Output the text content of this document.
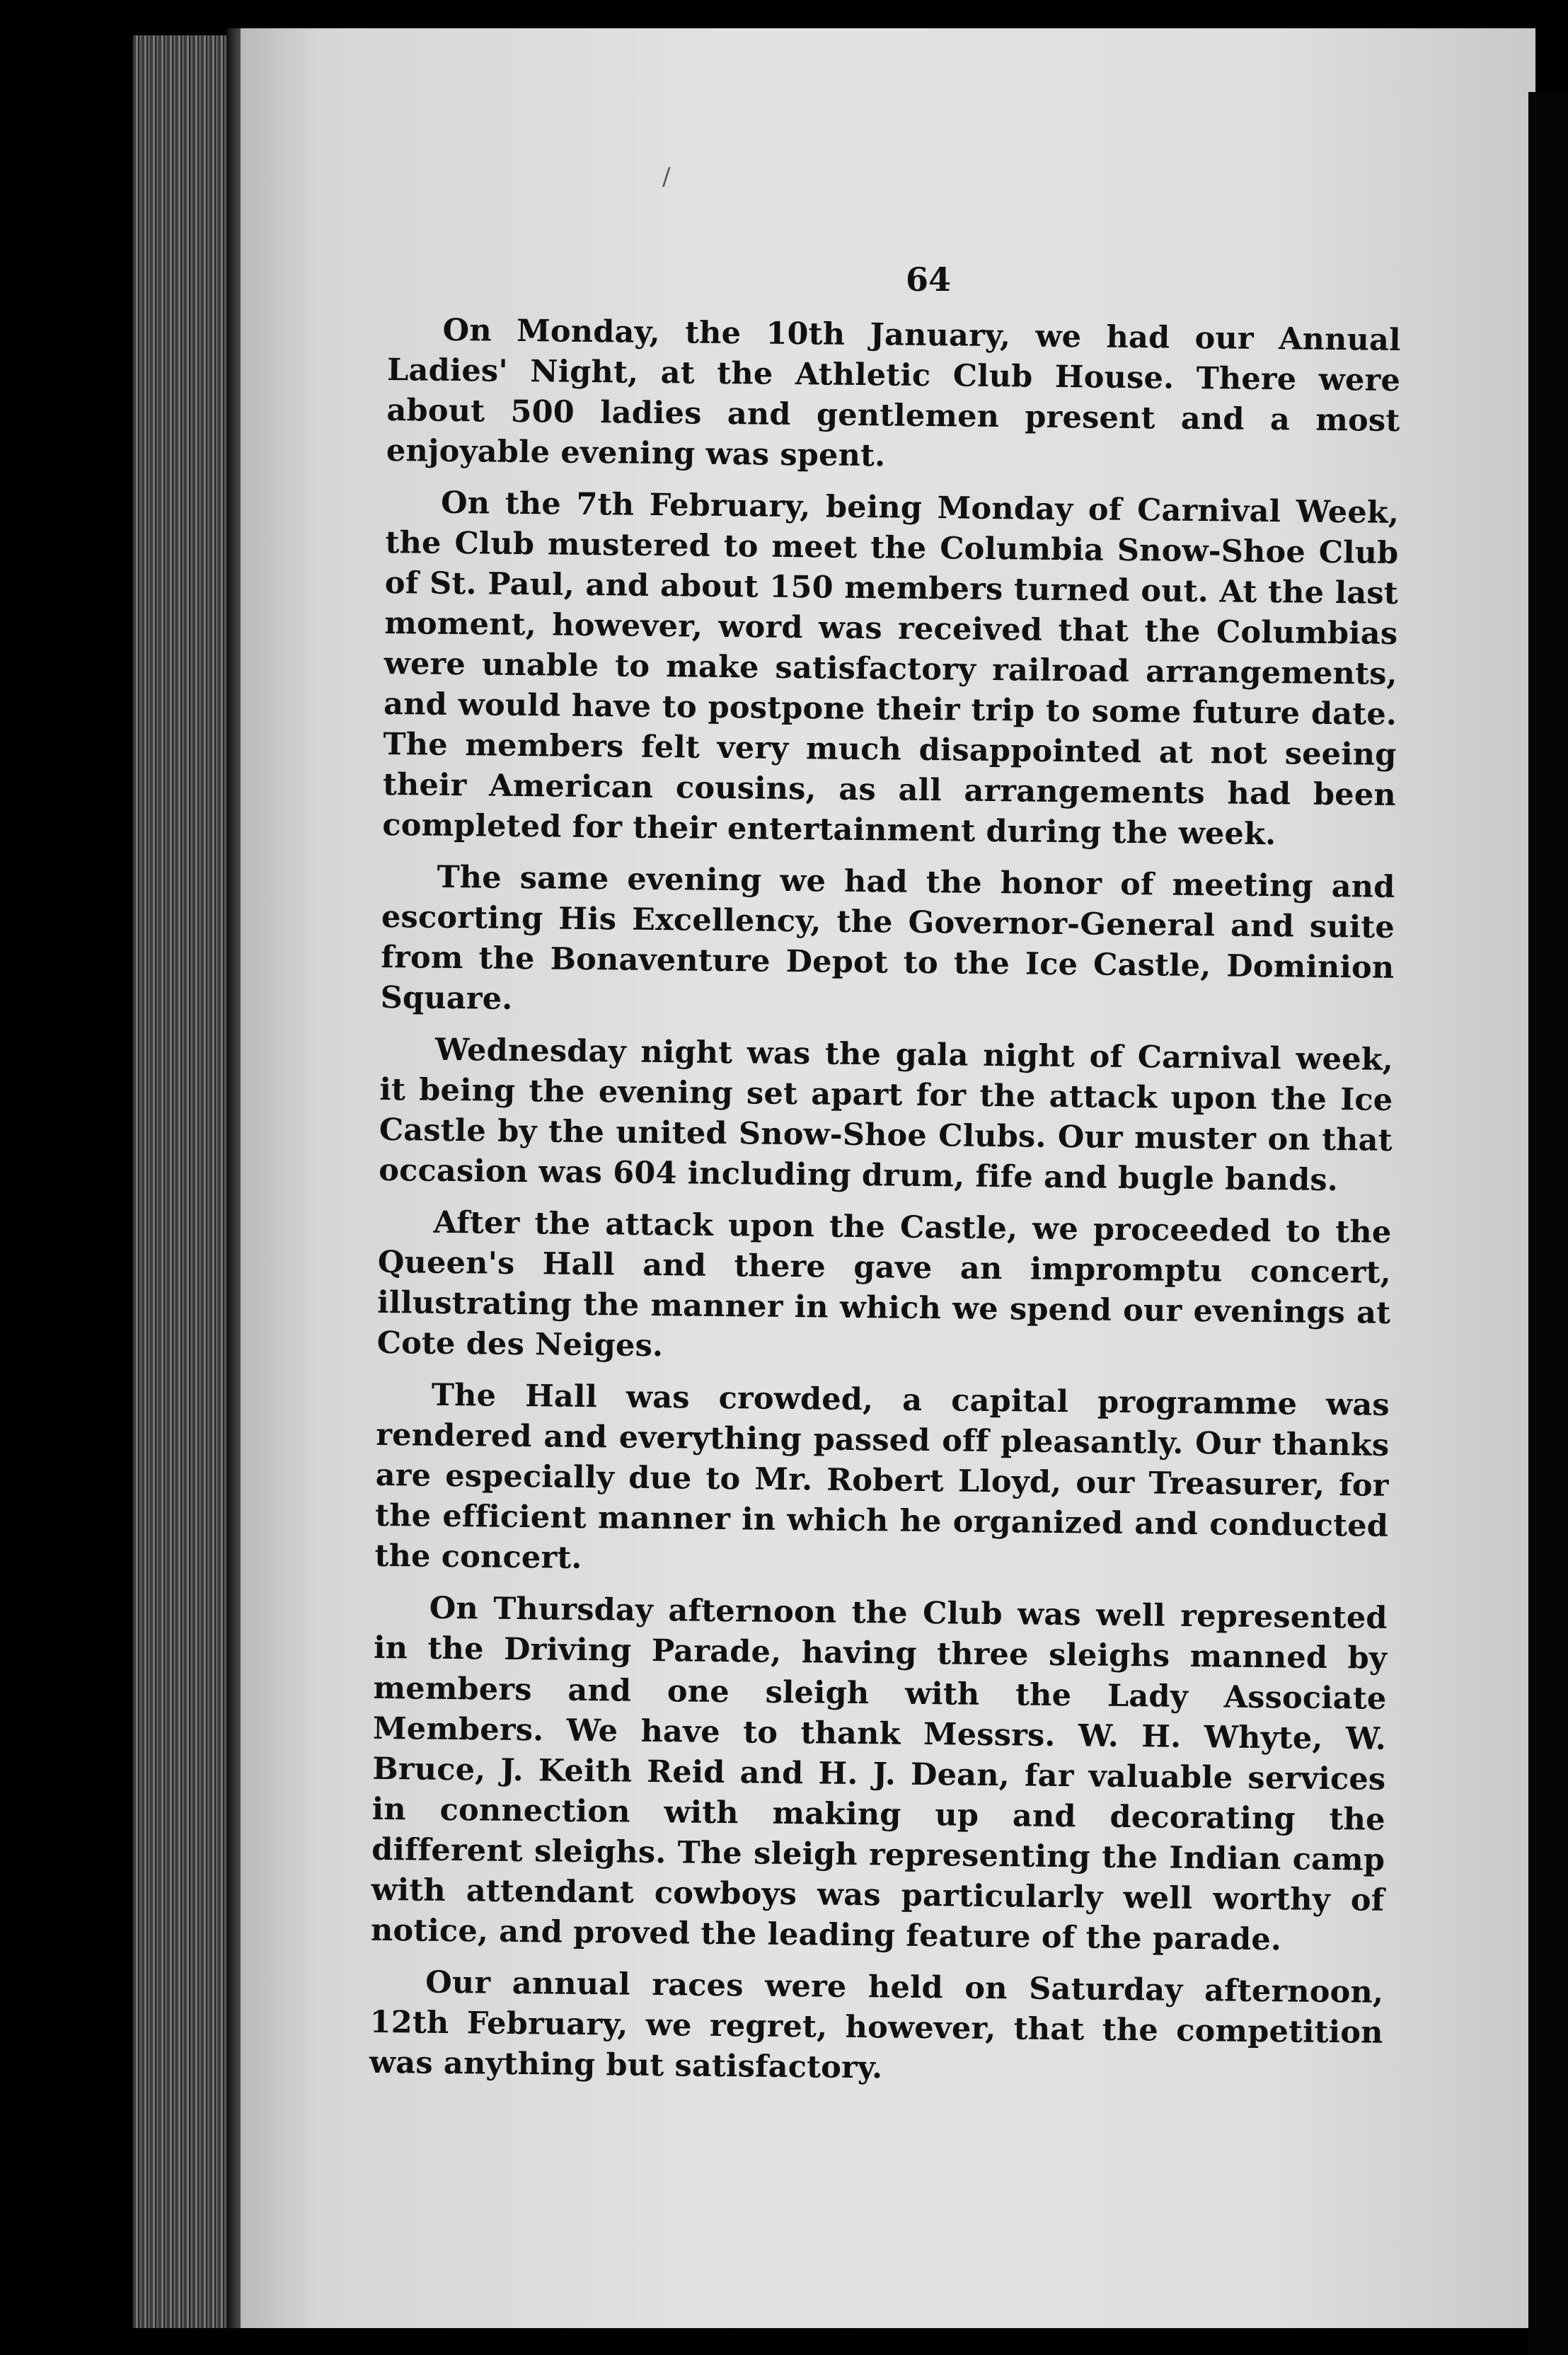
64

On Monday, the 10th January, we had our Annual Ladies' Night, at the Athletic Club House. There were about 500 ladies and gentlemen present and a most enjoyable evening was spent.

On the 7th February, being Monday of Carnival Week, the Club mustered to meet the Columbia Snow-Shoe Club of St. Paul, and about 150 members turned out. At the last moment, however, word was received that the Columbias were unable to make satisfactory railroad arrangements, and would have to postpone their trip to some future date. The members felt very much disappointed at not seeing their American cousins, as all arrangements had been completed for their entertainment during the week.

The same evening we had the honor of meeting and escorting His Excellency, the Governor-General and suite from the Bonaventure Depot to the Ice Castle, Dominion Square.

Wednesday night was the gala night of Carnival week, it being the evening set apart for the attack upon the Ice Castle by the united Snow-Shoe Clubs. Our muster on that occasion was 604 including drum, fife and bugle bands.

After the attack upon the Castle, we proceeded to the Queen's Hall and there gave an impromptu concert, illustrating the manner in which we spend our evenings at Cote des Neiges.

The Hall was crowded, a capital programme was rendered and everything passed off pleasantly. Our thanks are especially due to Mr. Robert Lloyd, our Treasurer, for the efficient manner in which he organized and conducted the concert.

On Thursday afternoon the Club was well represented in the Driving Parade, having three sleighs manned by members and one sleigh with the Lady Associate Members. We have to thank Messrs. W. H. Whyte, W. Bruce, J. Keith Reid and H. J. Dean, far valuable services in connection with making up and decorating the different sleighs. The sleigh representing the Indian camp with attendant cowboys was particularly well worthy of notice, and proved the leading feature of the parade.

Our annual races were held on Saturday afternoon, 12th February, we regret, however, that the competition was anything but satisfactory.

/
